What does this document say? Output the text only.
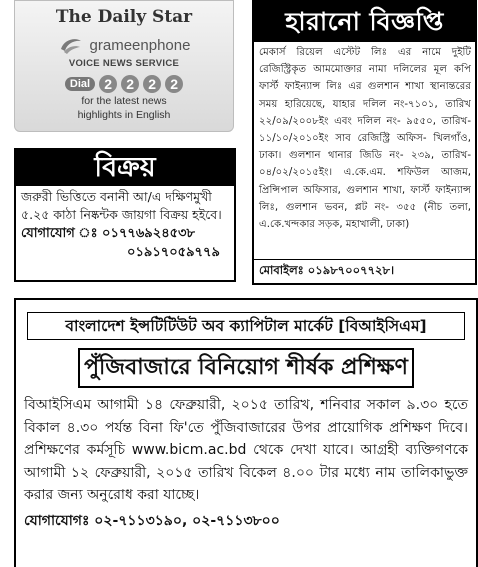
The Daily Star
grameenphone
VOICE NEWS SERVICE
Dial	2	2	2	2
for the latest news
highlights in English
হারানো বিজ্ঞপ্তি
মেকার্স রিয়েল এস্টেট লিঃ এর নামে দুইটি রেজিস্ট্রিকৃত আমমোক্তার নামা দলিলের মূল কপি ফার্স্ট ফাইন্যান্স লিঃ এর গুলশান শাখা স্থানান্তরের সময় হারিয়েছে, যাহার দলিল নং-৭১০১, তারিখ ২২/০৯/২০০৮ইং এবং দলিল নং- ৯৫৫০, তারিখ- ১১/১০/২০১০ইং সাব রেজিস্ট্রি অফিস- খিলগাঁও, ঢাকা। গুলশান থানার জিডি নং- ২৩৯, তারিখ- ০৪/০২/২০১৫ইং। এ.কে.এম. শফিউল আজম, প্রিন্সিপাল অফিসার, গুলশান শাখা, ফার্স্ট ফাইন্যান্স লিঃ, গুলশান ভবন, প্লট নং- ৩৫৫ (নীচ তলা, এ.কে.খন্দকার সড়ক, মহাখালী, ঢাকা)
মোবাইলঃ ০১৯৮৭০০৭৭২৮।
বিক্রয়
জরুরী ভিত্তিতে বনানী আ/এ দক্ষিণমুখী ৫.২৫ কাঠা নিষ্কন্টক জায়গা বিক্রয় হইবে।
যোগাযোগ ঃ ০১৭৭৬৯২৪৫৩৮
০১৯১৭০৫৯৭৭৯
বাংলাদেশ ইন্সটিটিউট অব ক্যাপিটাল মার্কেট [বিআইসিএম]
পুঁজিবাজারে বিনিয়োগ শীর্ষক প্রশিক্ষণ
বিআইসিএম আগামী ১৪ ফেব্রুয়ারী, ২০১৫ তারিখ, শনিবার সকাল ৯.৩০ হতে বিকাল ৪.৩০ পর্যন্ত বিনা ফি'তে পুঁজিবাজারের উপর প্রায়োগিক প্রশিক্ষণ দিবে। প্রশিক্ষণের কর্মসূচি www.bicm.ac.bd থেকে দেখা যাবে। আগ্রহী ব্যক্তিগণকে আগামী ১২ ফেব্রুয়ারী, ২০১৫ তারিখ বিকেল ৪.০০ টার মধ্যে নাম তালিকাভুক্ত করার জন্য অনুরোধ করা যাচ্ছে।
যোগাযোগঃ ০২-৭১১৩১৯০, ০২-৭১১৩৮০০
